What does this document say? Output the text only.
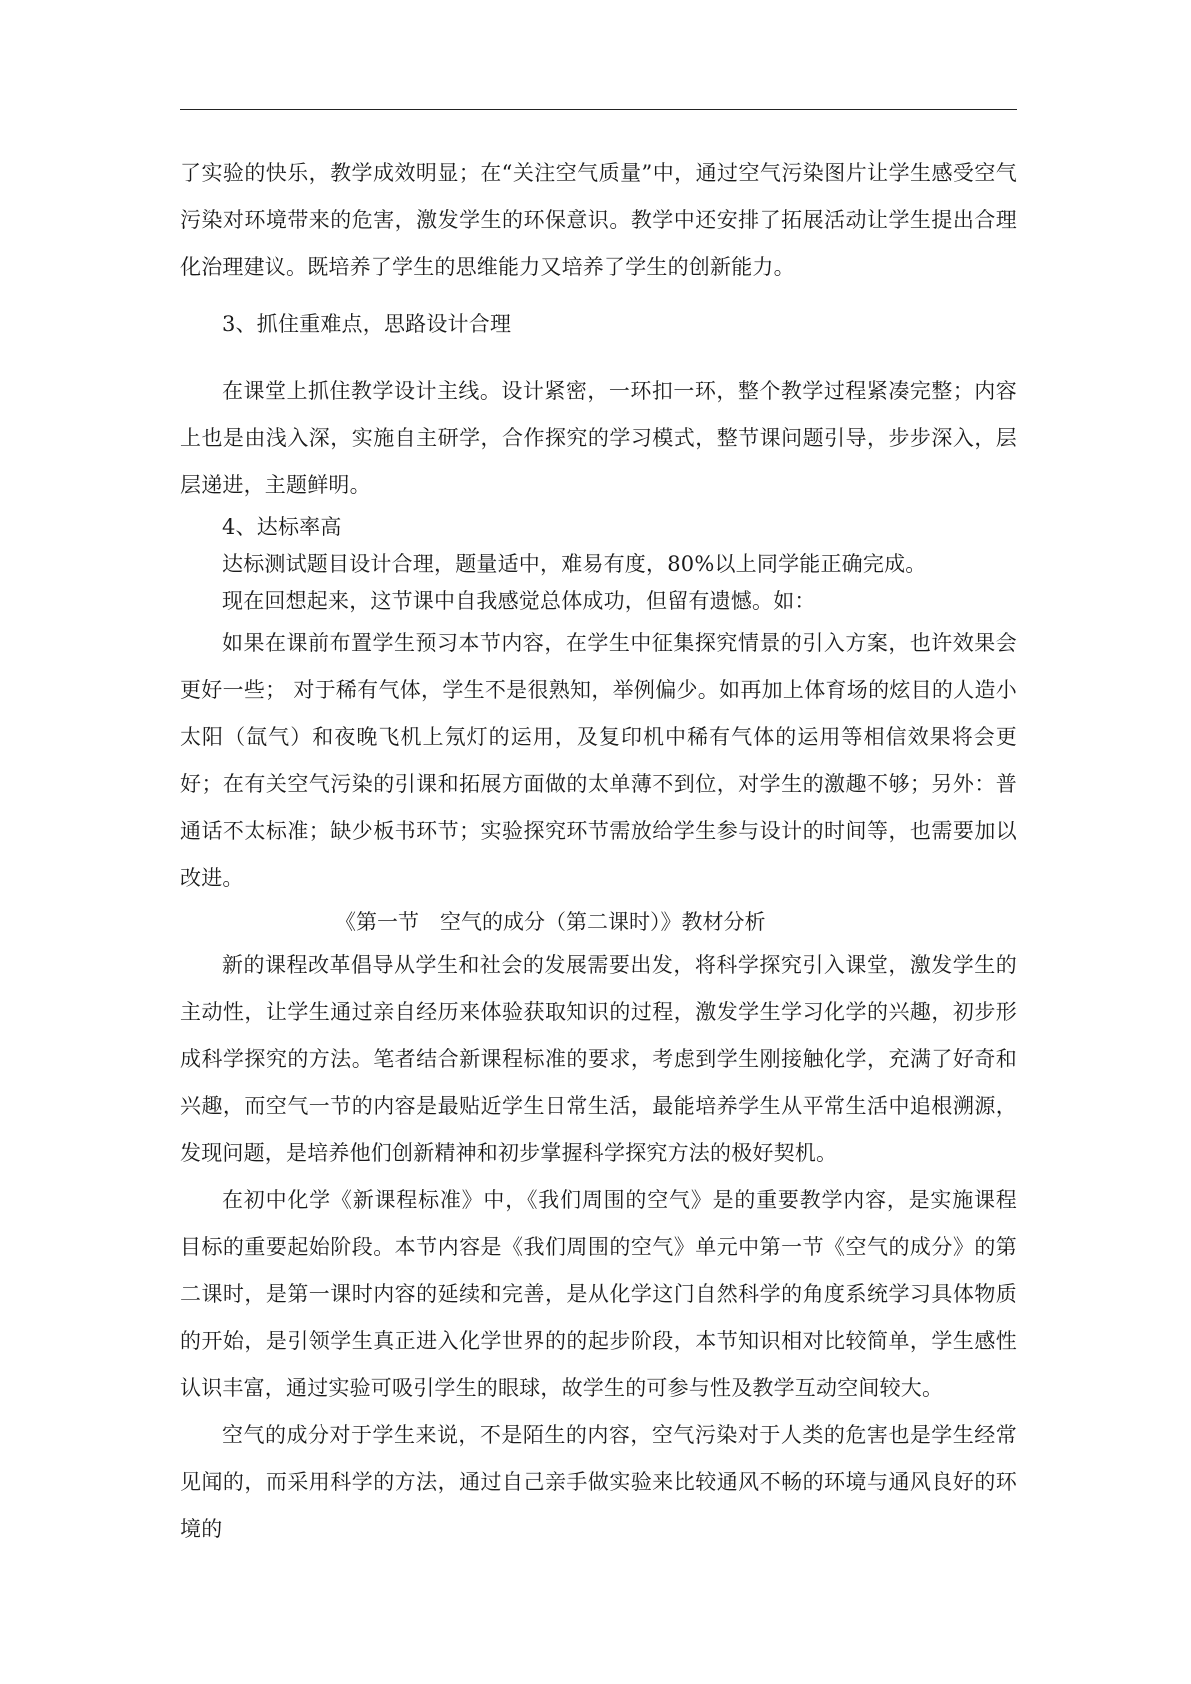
了实验的快乐，教学成效明显；在“关注空气质量”中，通过空气污染图片让学生感受空气污染对环境带来的危害，激发学生的环保意识。教学中还安排了拓展活动让学生提出合理化治理建议。既培养了学生的思维能力又培养了学生的创新能力。

3、抓住重难点，思路设计合理

在课堂上抓住教学设计主线。设计紧密，一环扣一环，整个教学过程紧凑完整；内容上也是由浅入深，实施自主研学，合作探究的学习模式，整节课问题引导，步步深入，层层递进，主题鲜明。

4、达标率高

达标测试题目设计合理，题量适中，难易有度，80%以上同学能正确完成。

现在回想起来，这节课中自我感觉总体成功，但留有遗憾。如：

如果在课前布置学生预习本节内容，在学生中征集探究情景的引入方案，也许效果会更好一些； 对于稀有气体，学生不是很熟知，举例偏少。如再加上体育场的炫目的人造小太阳（氙气）和夜晚飞机上氖灯的运用，及复印机中稀有气体的运用等相信效果将会更好；在有关空气污染的引课和拓展方面做的太单薄不到位，对学生的激趣不够；另外：普通话不太标准；缺少板书环节；实验探究环节需放给学生参与设计的时间等，也需要加以改进。

《第一节　空气的成分（第二课时）》教材分析

新的课程改革倡导从学生和社会的发展需要出发，将科学探究引入课堂，激发学生的主动性，让学生通过亲自经历来体验获取知识的过程，激发学生学习化学的兴趣，初步形成科学探究的方法。笔者结合新课程标准的要求，考虑到学生刚接触化学，充满了好奇和兴趣，而空气一节的内容是最贴近学生日常生活，最能培养学生从平常生活中追根溯源，发现问题，是培养他们创新精神和初步掌握科学探究方法的极好契机。

在初中化学《新课程标准》中，《我们周围的空气》是的重要教学内容，是实施课程目标的重要起始阶段。本节内容是《我们周围的空气》单元中第一节《空气的成分》的第二课时，是第一课时内容的延续和完善，是从化学这门自然科学的角度系统学习具体物质的开始，是引领学生真正进入化学世界的的起步阶段，本节知识相对比较简单，学生感性认识丰富，通过实验可吸引学生的眼球，故学生的可参与性及教学互动空间较大。

空气的成分对于学生来说，不是陌生的内容，空气污染对于人类的危害也是学生经常见闻的，而采用科学的方法，通过自己亲手做实验来比较通风不畅的环境与通风良好的环境的
